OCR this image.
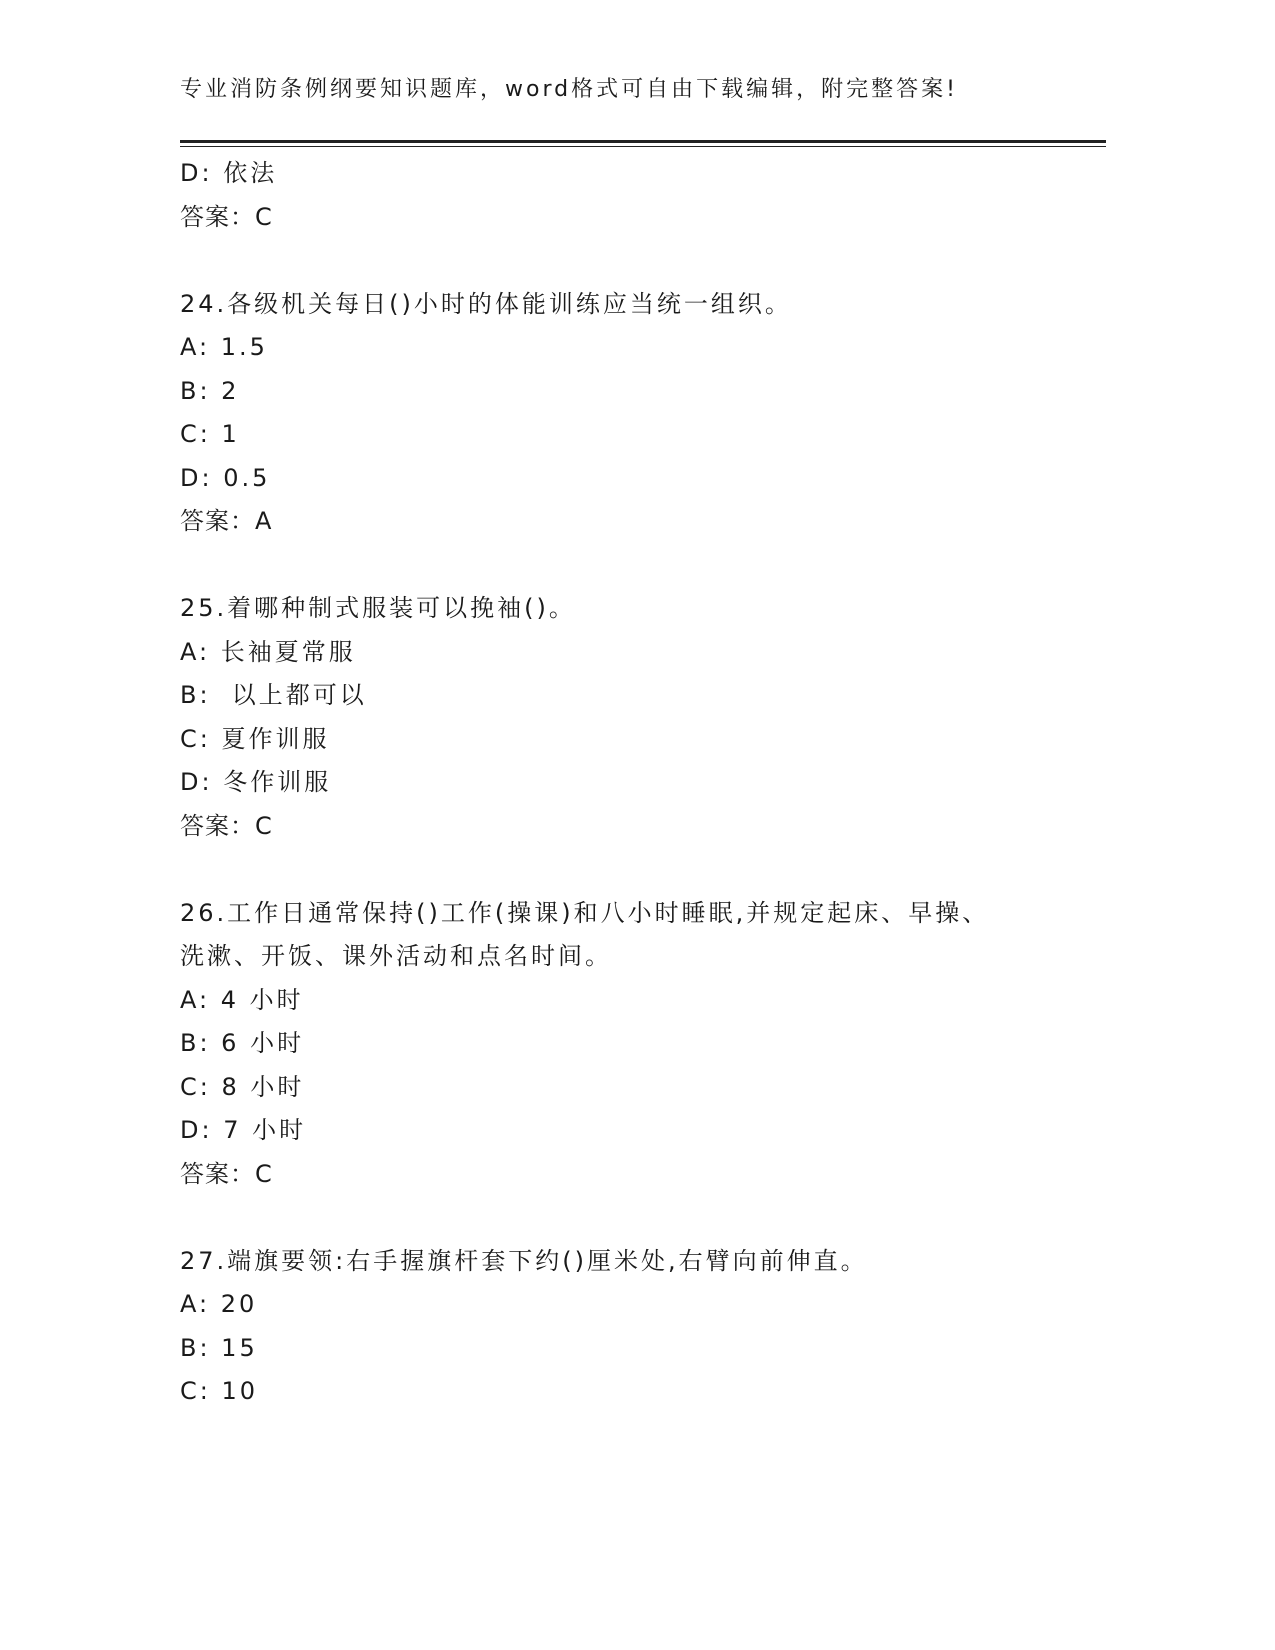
专业消防条例纲要知识题库，word格式可自由下载编辑，附完整答案!
D: 依法
答案：C
24.各级机关每日()小时的体能训练应当统一组织。
A: 1.5
B: 2
C: 1
D: 0.5
答案：A
25.着哪种制式服装可以挽袖()。
A: 长袖夏常服
B:  以上都可以
C: 夏作训服
D: 冬作训服
答案：C
26.工作日通常保持()工作(操课)和八小时睡眠,并规定起床、早操、
洗漱、开饭、课外活动和点名时间。
A: 4 小时
B: 6 小时
C: 8 小时
D: 7 小时
答案：C
27.端旗要领:右手握旗杆套下约()厘米处,右臂向前伸直。
A: 20
B: 15
C: 10
